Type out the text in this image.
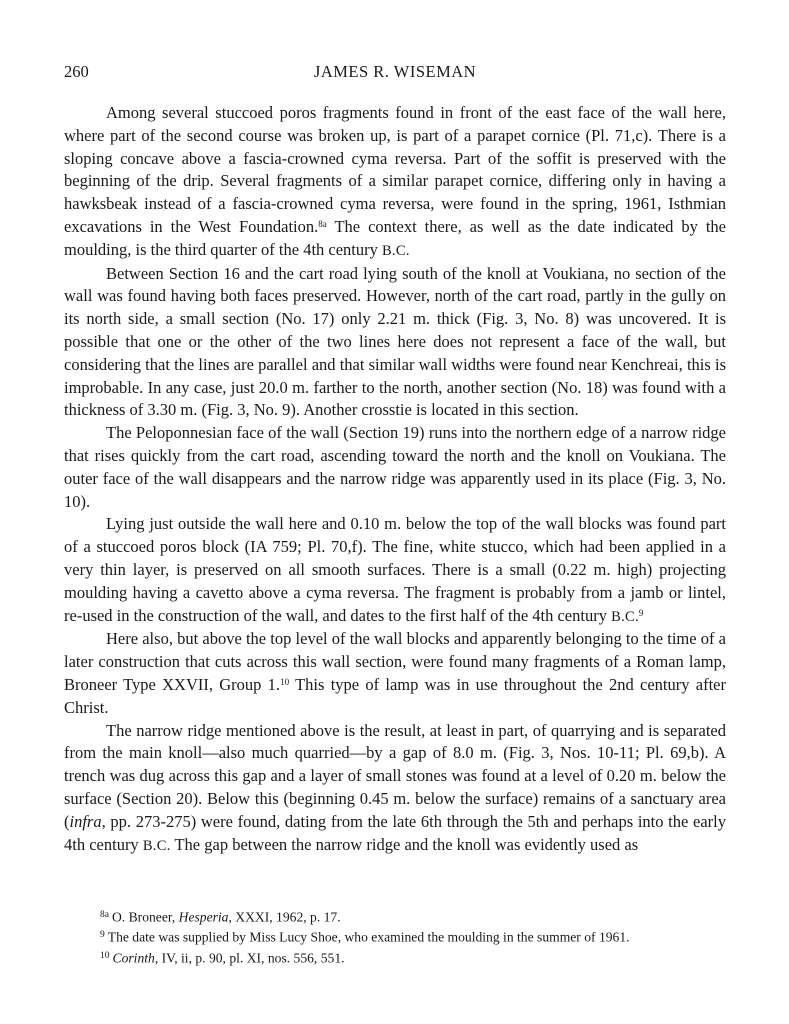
260	JAMES R. WISEMAN

Among several stuccoed poros fragments found in front of the east face of the wall here, where part of the second course was broken up, is part of a parapet cornice (Pl. 71,c). There is a sloping concave above a fascia-crowned cyma reversa. Part of the soffit is preserved with the beginning of the drip. Several fragments of a similar parapet cornice, differing only in having a hawksbeak instead of a fascia-crowned cyma reversa, were found in the spring, 1961, Isthmian excavations in the West Foundation.$^{8a}$ The context there, as well as the date indicated by the moulding, is the third quarter of the 4th century B.C.

Between Section 16 and the cart road lying south of the knoll at Voukiana, no section of the wall was found having both faces preserved. However, north of the cart road, partly in the gully on its north side, a small section (No. 17) only 2.21 m. thick (Fig. 3, No. 8) was uncovered. It is possible that one or the other of the two lines here does not represent a face of the wall, but considering that the lines are parallel and that similar wall widths were found near Kenchreai, this is improbable. In any case, just 20.0 m. farther to the north, another section (No. 18) was found with a thickness of 3.30 m. (Fig. 3, No. 9). Another crosstie is located in this section.

The Peloponnesian face of the wall (Section 19) runs into the northern edge of a narrow ridge that rises quickly from the cart road, ascending toward the north and the knoll on Voukiana. The outer face of the wall disappears and the narrow ridge was apparently used in its place (Fig. 3, No. 10).

Lying just outside the wall here and 0.10 m. below the top of the wall blocks was found part of a stuccoed poros block (IA 759; Pl. 70,f). The fine, white stucco, which had been applied in a very thin layer, is preserved on all smooth surfaces. There is a small (0.22 m. high) projecting moulding having a cavetto above a cyma reversa. The fragment is probably from a jamb or lintel, re-used in the construction of the wall, and dates to the first half of the 4th century B.C.$^9$

Here also, but above the top level of the wall blocks and apparently belonging to the time of a later construction that cuts across this wall section, were found many fragments of a Roman lamp, Broneer Type XXVII, Group 1.10 This type of lamp was in use throughout the 2nd century after Christ.

The narrow ridge mentioned above is the result, at least in part, of quarrying and is separated from the main knoll—also much quarried—by a gap of 8.0 m. (Fig. 3, Nos. 10-11; Pl. 69,b). A trench was dug across this gap and a layer of small stones was found at a level of 0.20 m. below the surface (Section 20). Below this (beginning 0.45 m. below the surface) remains of a sanctuary area (infra, pp. 273-275) were found, dating from the late 6th through the 5th and perhaps into the early 4th century B.C. The gap between the narrow ridge and the knoll was evidently used as

$^{8a}$ O. Broneer, Hesperia, XXXI, 1962, p. 17.
$^9$ The date was supplied by Miss Lucy Shoe, who examined the moulding in the summer of 1961.
$^{10}$ Corinth, IV, ii, p. 90, pl. XI, nos. 556, 551.
